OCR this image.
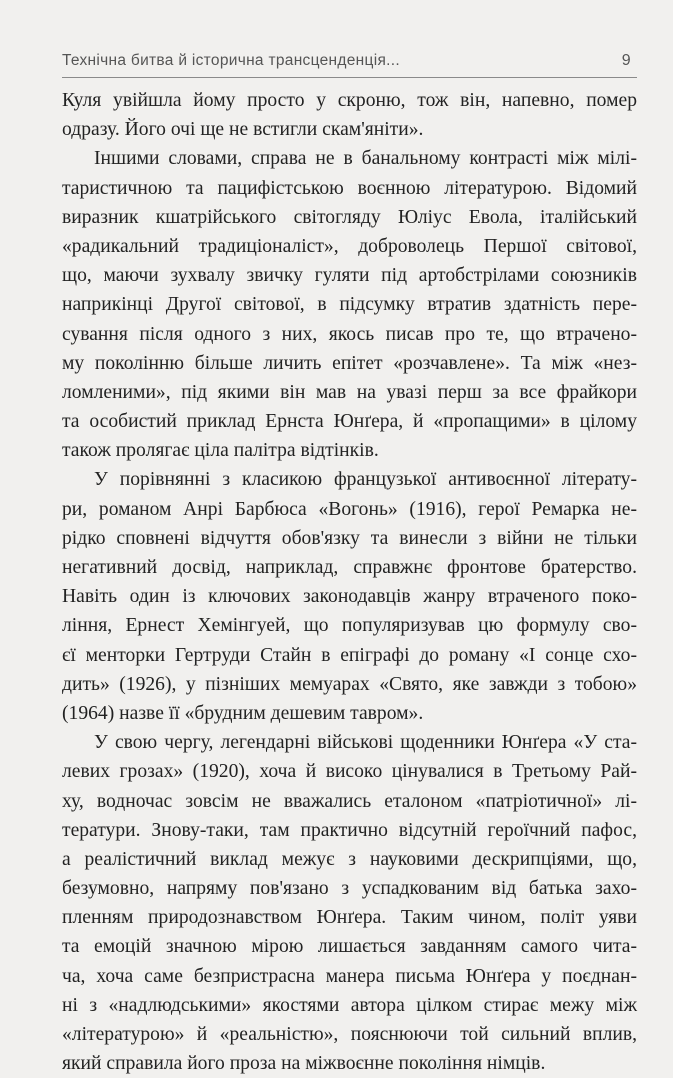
Технічна битва й історична трансценденція...	9
Куля увійшла йому просто у скроню, тож він, напевно, помер
одразу. Його очі ще не встигли скам'яніти».
Іншими словами, справа не в банальному контрасті між мілі-
таристичною та пацифістською воєнною літературою. Відомий
виразник кшатрійського світогляду Юліус Евола, італійський
«радикальний традиціоналіст», доброволець Першої світової,
що, маючи зухвалу звичку гуляти під артобстрілами союзників
наприкінці Другої світової, в підсумку втратив здатність пере-
сування після одного з них, якось писав про те, що втрачено-
му поколінню більше личить епітет «розчавлене». Та між «нез-
ломленими», під якими він мав на увазі перш за все фрайкори
та особистий приклад Ернста Юнґера, й «пропащими» в цілому
також пролягає ціла палітра відтінків.
У порівнянні з класикою французької антивоєнної літерату-
ри, романом Анрі Барбюса «Вогонь» (1916), герої Ремарка не-
рідко сповнені відчуття обов'язку та винесли з війни не тільки
негативний досвід, наприклад, справжнє фронтове братерство.
Навіть один із ключових законодавців жанру втраченого поко-
ління, Ернест Хемінгуей, що популяризував цю формулу сво-
єї менторки Гертруди Стайн в епіграфі до роману «І сонце схо-
дить» (1926), у пізніших мемуарах «Свято, яке завжди з тобою»
(1964) назве її «брудним дешевим тавром».
У свою чергу, легендарні військові щоденники Юнґера «У ста-
левих грозах» (1920), хоча й високо цінувалися в Третьому Рай-
ху, водночас зовсім не вважались еталоном «патріотичної» лі-
тератури. Знову-таки, там практично відсутній героїчний пафос,
а реалістичний виклад межує з науковими дескрипціями, що,
безумовно, напряму пов'язано з успадкованим від батька захо-
пленням природознавством Юнґера. Таким чином, політ уяви
та емоцій значною мірою лишається завданням самого чита-
ча, хоча саме безпристрасна манера письма Юнґера у поєднан-
ні з «надлюдськими» якостями автора цілком стирає межу між
«літературою» й «реальністю», пояснюючи той сильний вплив,
який справила його проза на міжвоєнне покоління німців.
